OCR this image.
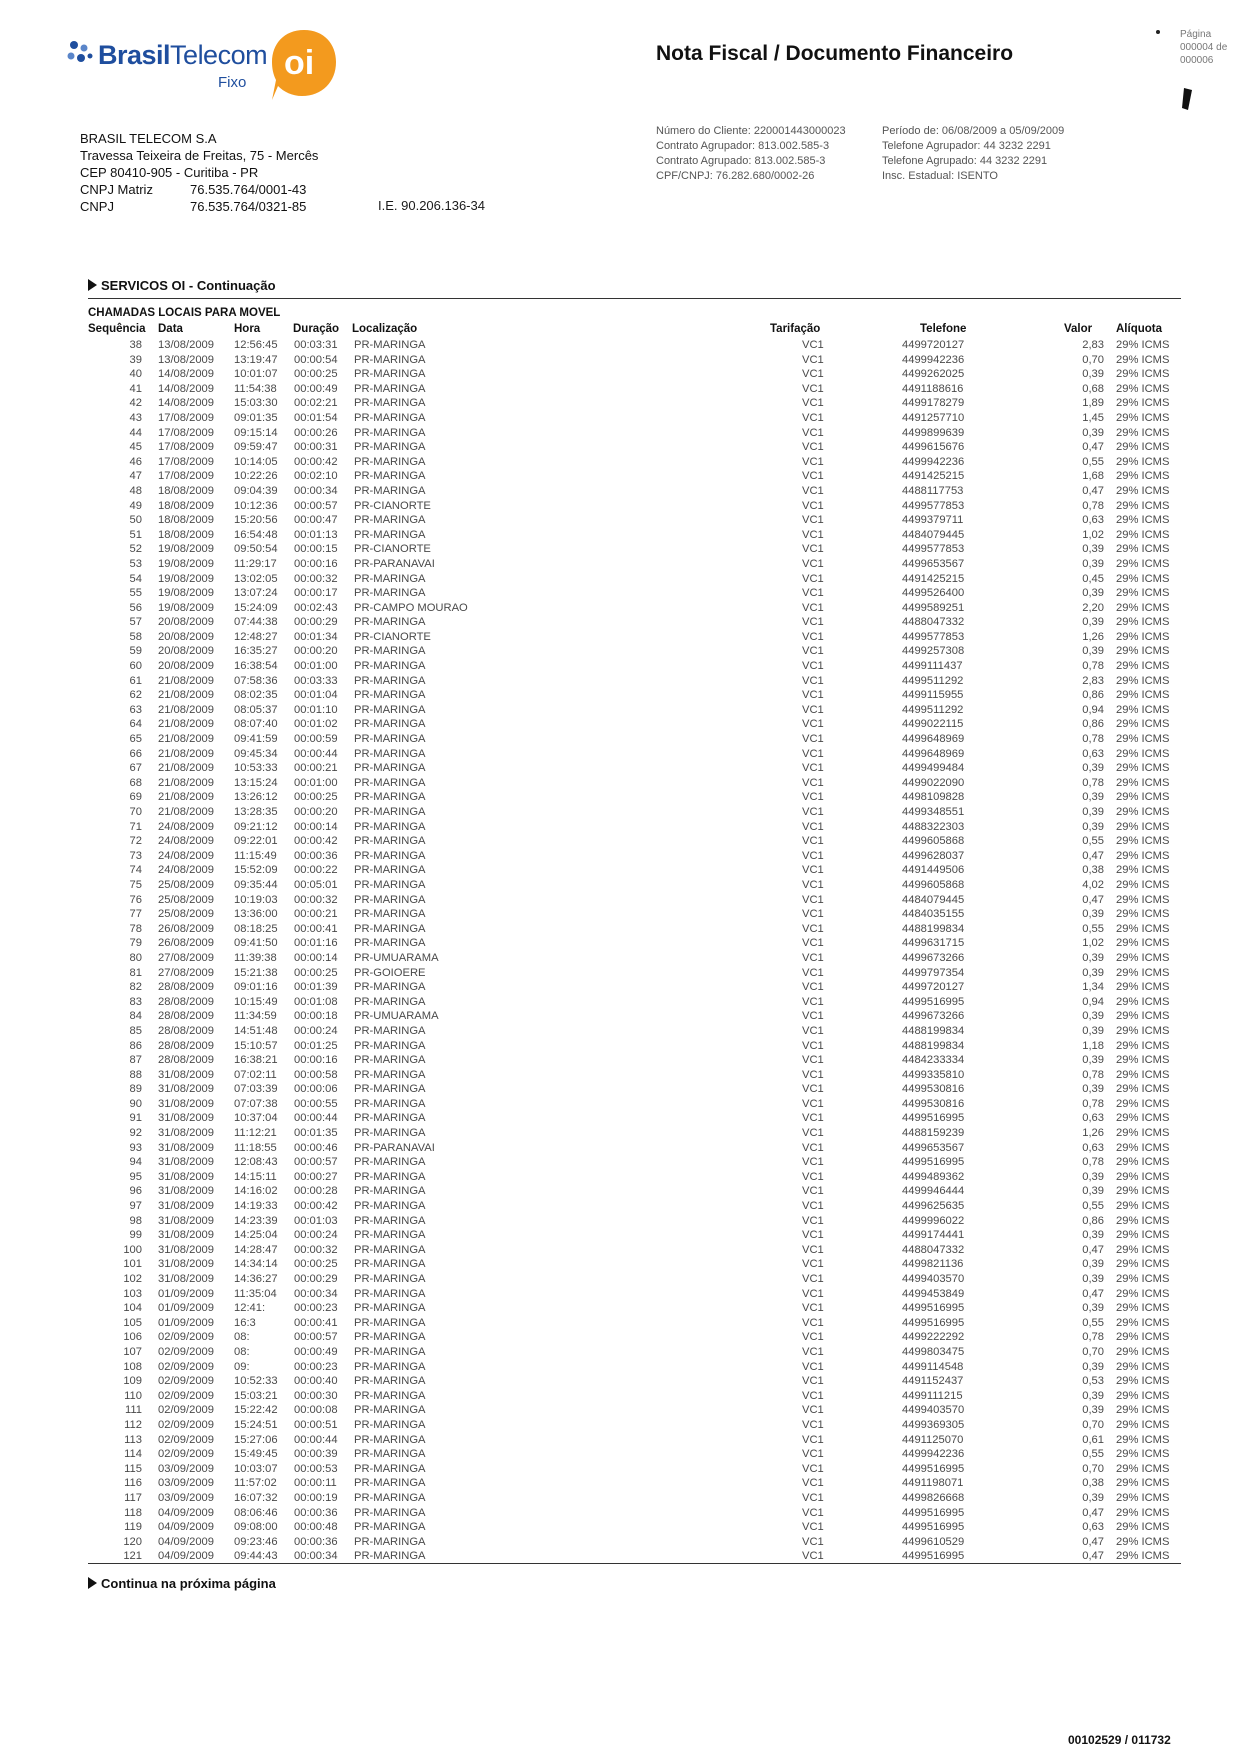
BrasilTelecom
Fixo
oi	Nota Fiscal / Documento Financeiro
Página
000004 de
000006
BRASIL TELECOM S.A
Travessa Teixeira de Freitas, 75 - Mercês
CEP 80410-905 - Curitiba - PR
CNPJ Matriz	76.535.764/0001-43
CNPJ	76.535.764/0321-85	I.E. 90.206.136-34
Número do Cliente: 220001443000023
Contrato Agrupador: 813.002.585-3
Contrato Agrupado: 813.002.585-3
CPF/CNPJ: 76.282.680/0002-26
Período de: 06/08/2009 a 05/09/2009
Telefone Agrupador: 44 3232 2291
Telefone Agrupado: 44 3232 2291
Insc. Estadual: ISENTO
SERVICOS OI - Continuação
CHAMADAS LOCAIS PARA MOVEL
Sequência Data	Hora	Duração Localização	Tarifação	Telefone	Valor Alíquota
38 13/08/2009 12:56:45 00:03:31 PR-MARINGA	VC1	4499720127	2,83 29% ICMS
39 13/08/2009 13:19:47 00:00:54 PR-MARINGA	VC1	4499942236	0,70 29% ICMS
40 14/08/2009 10:01:07 00:00:25 PR-MARINGA	VC1	4499262025	0,39 29% ICMS
41 14/08/2009 11:54:38 00:00:49 PR-MARINGA	VC1	4491188616	0,68 29% ICMS
42 14/08/2009 15:03:30 00:02:21 PR-MARINGA	VC1	4499178279	1,89 29% ICMS
43 17/08/2009 09:01:35 00:01:54 PR-MARINGA	VC1	4491257710	1,45 29% ICMS
44 17/08/2009 09:15:14 00:00:26 PR-MARINGA	VC1	4499899639	0,39 29% ICMS
45 17/08/2009 09:59:47 00:00:31 PR-MARINGA	VC1	4499615676	0,47 29% ICMS
46 17/08/2009 10:14:05 00:00:42 PR-MARINGA	VC1	4499942236	0,55 29% ICMS
47 17/08/2009 10:22:26 00:02:10 PR-MARINGA	VC1	4491425215	1,68 29% ICMS
48 18/08/2009 09:04:39 00:00:34 PR-MARINGA	VC1	4488117753	0,47 29% ICMS
49 18/08/2009 10:12:36 00:00:57 PR-CIANORTE	VC1	4499577853	0,78 29% ICMS
50 18/08/2009 15:20:56 00:00:47 PR-MARINGA	VC1	4499379711	0,63 29% ICMS
51 18/08/2009 16:54:48 00:01:13 PR-MARINGA	VC1	4484079445	1,02 29% ICMS
52 19/08/2009 09:50:54 00:00:15 PR-CIANORTE	VC1	4499577853	0,39 29% ICMS
53 19/08/2009 11:29:17 00:00:16 PR-PARANAVAI	VC1	4499653567	0,39 29% ICMS
54 19/08/2009 13:02:05 00:00:32 PR-MARINGA	VC1	4491425215	0,45 29% ICMS
55 19/08/2009 13:07:24 00:00:17 PR-MARINGA	VC1	4499526400	0,39 29% ICMS
56 19/08/2009 15:24:09 00:02:43 PR-CAMPO MOURAO	VC1	4499589251	2,20 29% ICMS
57 20/08/2009 07:44:38 00:00:29 PR-MARINGA	VC1	4488047332	0,39 29% ICMS
58 20/08/2009 12:48:27 00:01:34 PR-CIANORTE	VC1	4499577853	1,26 29% ICMS
59 20/08/2009 16:35:27 00:00:20 PR-MARINGA	VC1	4499257308	0,39 29% ICMS
60 20/08/2009 16:38:54 00:01:00 PR-MARINGA	VC1	4499111437	0,78 29% ICMS
61 21/08/2009 07:58:36 00:03:33 PR-MARINGA	VC1	4499511292	2,83 29% ICMS
62 21/08/2009 08:02:35 00:01:04 PR-MARINGA	VC1	4499115955	0,86 29% ICMS
63 21/08/2009 08:05:37 00:01:10 PR-MARINGA	VC1	4499511292	0,94 29% ICMS
64 21/08/2009 08:07:40 00:01:02 PR-MARINGA	VC1	4499022115	0,86 29% ICMS
65 21/08/2009 09:41:59 00:00:59 PR-MARINGA	VC1	4499648969	0,78 29% ICMS
66 21/08/2009 09:45:34 00:00:44 PR-MARINGA	VC1	4499648969	0,63 29% ICMS
67 21/08/2009 10:53:33 00:00:21 PR-MARINGA	VC1	4499499484	0,39 29% ICMS
68 21/08/2009 13:15:24 00:01:00 PR-MARINGA	VC1	4499022090	0,78 29% ICMS
69 21/08/2009 13:26:12 00:00:25 PR-MARINGA	VC1	4498109828	0,39 29% ICMS
70 21/08/2009 13:28:35 00:00:20 PR-MARINGA	VC1	4499348551	0,39 29% ICMS
71 24/08/2009 09:21:12 00:00:14 PR-MARINGA	VC1	4488322303	0,39 29% ICMS
72 24/08/2009 09:22:01 00:00:42 PR-MARINGA	VC1	4499605868	0,55 29% ICMS
73 24/08/2009 11:15:49 00:00:36 PR-MARINGA	VC1	4499628037	0,47 29% ICMS
74 24/08/2009 15:52:09 00:00:22 PR-MARINGA	VC1	4491449506	0,38 29% ICMS
75 25/08/2009 09:35:44 00:05:01 PR-MARINGA	VC1	4499605868	4,02 29% ICMS
76 25/08/2009 10:19:03 00:00:32 PR-MARINGA	VC1	4484079445	0,47 29% ICMS
77 25/08/2009 13:36:00 00:00:21 PR-MARINGA	VC1	4484035155	0,39 29% ICMS
78 26/08/2009 08:18:25 00:00:41 PR-MARINGA	VC1	4488199834	0,55 29% ICMS
79 26/08/2009 09:41:50 00:01:16 PR-MARINGA	VC1	4499631715	1,02 29% ICMS
80 27/08/2009 11:39:38 00:00:14 PR-UMUARAMA	VC1	4499673266	0,39 29% ICMS
81 27/08/2009 15:21:38 00:00:25 PR-GOIOERE	VC1	4499797354	0,39 29% ICMS
82 28/08/2009 09:01:16 00:01:39 PR-MARINGA	VC1	4499720127	1,34 29% ICMS
83 28/08/2009 10:15:49 00:01:08 PR-MARINGA	VC1	4499516995	0,94 29% ICMS
84 28/08/2009 11:34:59 00:00:18 PR-UMUARAMA	VC1	4499673266	0,39 29% ICMS
85 28/08/2009 14:51:48 00:00:24 PR-MARINGA	VC1	4488199834	0,39 29% ICMS
86 28/08/2009 15:10:57 00:01:25 PR-MARINGA	VC1	4488199834	1,18 29% ICMS
87 28/08/2009 16:38:21 00:00:16 PR-MARINGA	VC1	4484233334	0,39 29% ICMS
88 31/08/2009 07:02:11 00:00:58 PR-MARINGA	VC1	4499335810	0,78 29% ICMS
89 31/08/2009 07:03:39 00:00:06 PR-MARINGA	VC1	4499530816	0,39 29% ICMS
90 31/08/2009 07:07:38 00:00:55 PR-MARINGA	VC1	4499530816	0,78 29% ICMS
91 31/08/2009 10:37:04 00:00:44 PR-MARINGA	VC1	4499516995	0,63 29% ICMS
92 31/08/2009 11:12:21 00:01:35 PR-MARINGA	VC1	4488159239	1,26 29% ICMS
93 31/08/2009 11:18:55 00:00:46 PR-PARANAVAI	VC1	4499653567	0,63 29% ICMS
94 31/08/2009 12:08:43 00:00:57 PR-MARINGA	VC1	4499516995	0,78 29% ICMS
95 31/08/2009 14:15:11 00:00:27 PR-MARINGA	VC1	4499489362	0,39 29% ICMS
96 31/08/2009 14:16:02 00:00:28 PR-MARINGA	VC1	4499946444	0,39 29% ICMS
97 31/08/2009 14:19:33 00:00:42 PR-MARINGA	VC1	4499625635	0,55 29% ICMS
98 31/08/2009 14:23:39 00:01:03 PR-MARINGA	VC1	4499996022	0,86 29% ICMS
99 31/08/2009 14:25:04 00:00:24 PR-MARINGA	VC1	4499174441	0,39 29% ICMS
100 31/08/2009 14:28:47 00:00:32 PR-MARINGA	VC1	4488047332	0,47 29% ICMS
101 31/08/2009 14:34:14 00:00:25 PR-MARINGA	VC1	4499821136	0,39 29% ICMS
102 31/08/2009 14:36:27 00:00:29 PR-MARINGA	VC1	4499403570	0,39 29% ICMS
103 01/09/2009 11:35:04 00:00:34 PR-MARINGA	VC1	4499453849	0,47 29% ICMS
104 01/09/2009 12:41:	00:00:23 PR-MARINGA	VC1	4499516995	0,39 29% ICMS
105 01/09/2009 16:3	00:00:41 PR-MARINGA	VC1	4499516995	0,55 29% ICMS
106 02/09/2009 08:	00:00:57 PR-MARINGA	VC1	4499222292	0,78 29% ICMS
107 02/09/2009 08:	00:00:49 PR-MARINGA	VC1	4499803475	0,70 29% ICMS
108 02/09/2009 09:	00:00:23 PR-MARINGA	VC1	4499114548	0,39 29% ICMS
109 02/09/2009 10:52:33 00:00:40 PR-MARINGA	VC1	4491152437	0,53 29% ICMS
110 02/09/2009 15:03:21 00:00:30 PR-MARINGA	VC1	4499111215	0,39 29% ICMS
111 02/09/2009 15:22:42 00:00:08 PR-MARINGA	VC1	4499403570	0,39 29% ICMS
112 02/09/2009 15:24:51 00:00:51 PR-MARINGA	VC1	4499369305	0,70 29% ICMS
113 02/09/2009 15:27:06 00:00:44 PR-MARINGA	VC1	4491125070	0,61 29% ICMS
114 02/09/2009 15:49:45 00:00:39 PR-MARINGA	VC1	4499942236	0,55 29% ICMS
115 03/09/2009 10:03:07 00:00:53 PR-MARINGA	VC1	4499516995	0,70 29% ICMS
116 03/09/2009 11:57:02 00:00:11 PR-MARINGA	VC1	4491198071	0,38 29% ICMS
117 03/09/2009 16:07:32 00:00:19 PR-MARINGA	VC1	4499826668	0,39 29% ICMS
118 04/09/2009 08:06:46 00:00:36 PR-MARINGA	VC1	4499516995	0,47 29% ICMS
119 04/09/2009 09:08:00 00:00:48 PR-MARINGA	VC1	4499516995	0,63 29% ICMS
120 04/09/2009 09:23:46 00:00:36 PR-MARINGA	VC1	4499610529	0,47 29% ICMS
121 04/09/2009 09:44:43 00:00:34 PR-MARINGA	VC1	4499516995	0,47 29% ICMS
Continua na próxima página
00102529 / 011732
